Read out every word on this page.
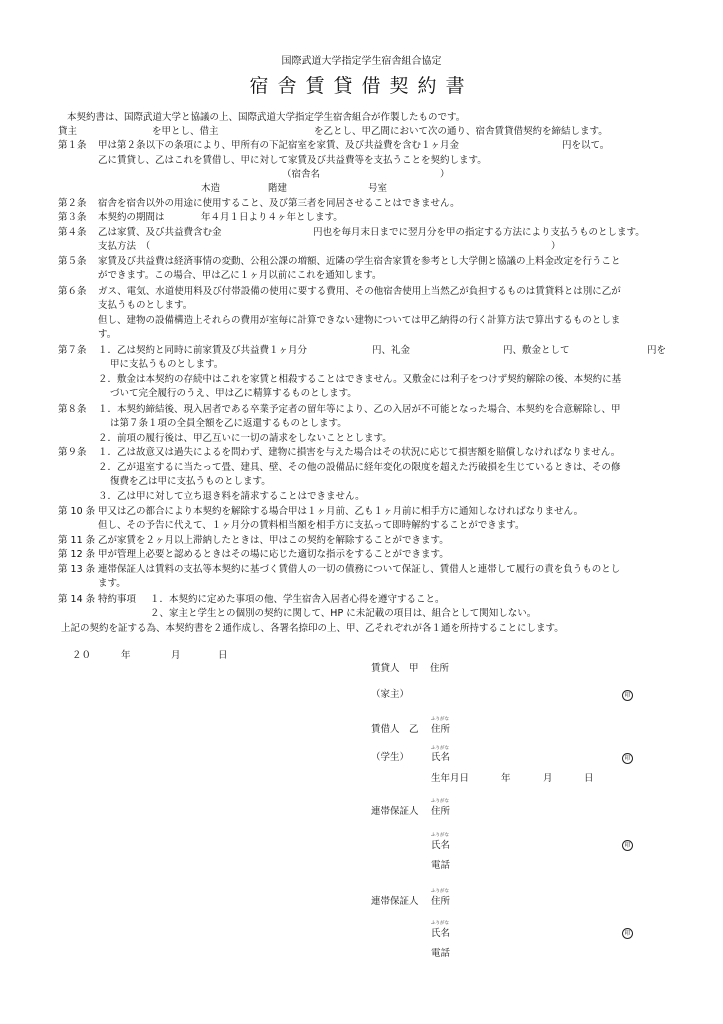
国際武道大学指定学生宿舎組合協定
宿舎賃貸借契約書
本契約書は、国際武道大学と協議の上、国際武道大学指定学生宿舎組合が作製したものです。
貸主	を甲とし、借主	を乙とし、甲乙間において次の通り、宿舎賃貸借契約を締結します。
第１条 甲は第２条以下の条項により、甲所有の下記宿室を家賃、及び共益費を含む１ヶ月金	円を以て。
乙に賃貸し、乙はこれを賃借し、甲に対して家賃及び共益費等を支払うことを契約します。
（宿舎名	）
木造	階建	号室
第２条 宿舎を宿舎以外の用途に使用すること、及び第三者を同居させることはできません。
第３条 本契約の期間は	年４月１日より４ヶ年とします。
第４条 乙は家賃、及び共益費含む金	円也を毎月末日までに翌月分を甲の指定する方法により支払うものとします。
支払方法　（	）
第５条 家賃及び共益費は経済事情の変動、公租公課の増額、近隣の学生宿舎家賃を参考とし大学側と協議の上料金改定を行うこと
ができます。この場合、甲は乙に１ヶ月以前にこれを通知します。
第６条 ガス、電気、水道使用料及び付帯設備の使用に要する費用、その他宿舎使用上当然乙が負担するものは賃貸料とは別に乙が
支払うものとします。
但し、建物の設備構造上それらの費用が室毎に計算できない建物については甲乙納得の行く計算方法で算出するものとしま
す。
第７条 １．乙は契約と同時に前家賃及び共益費１ヶ月分	円、礼金	円、敷金として	円を
甲に支払うものとします。
２．敷金は本契約の存続中はこれを家賃と相殺することはできません。又敷金には利子をつけず契約解除の後、本契約に基
づいて完全履行のうえ、甲は乙に精算するものとします。
第８条 １．本契約締結後、現入居者である卒業予定者の留年等により、乙の入居が不可能となった場合、本契約を合意解除し、甲
は第７条１項の全員全額を乙に返還するものとします。
２．前項の履行後は、甲乙互いに一切の請求をしないこととします。
第９条 １．乙は故意又は過失によるを問わず、建物に損害を与えた場合はその状況に応じて損害額を賠償しなければなりません。
２．乙が退室するに当たって畳、建具、壁、その他の設備品に経年変化の限度を超えた汚破損を生じているときは、その修
復費を乙は甲に支払うものとします。
３．乙は甲に対して立ち退き料を請求することはできません。
第 10 条 甲又は乙の都合により本契約を解除する場合甲は１ヶ月前、乙も１ヶ月前に相手方に通知しなければなりません。
但し、その予告に代えて、１ヶ月分の賃料相当額を相手方に支払って即時解約することができます。
第 11 条 乙が家賃を２ヶ月以上滞納したときは、甲はこの契約を解除することができます。
第 12 条 甲が管理上必要と認めるときはその場に応じた適切な指示をすることができます。
第 13 条 連帯保証人は賃料の支払等本契約に基づく賃借人の一切の債務について保証し、賃借人と連帯して履行の責を負うものとし
ます。
第 14 条 特約事項 １．本契約に定めた事項の他、学生宿舎入居者心得を遵守すること。
２、家主と学生との個別の契約に関して、HP に未記載の項目は、組合として関知しない。
上記の契約を証する為、本契約書を２通作成し、各署名捺印の上、甲、乙それぞれが各１通を所持することにします。
２０	年	月	日
賃貸人　甲 住所
（家主）	印
ふりがな
賃借人　乙 住所
ふりがな
（学生） 氏名	印
生年月日	年	月	日
ふりがな
連帯保証人 住所
ふりがな
氏名	印
電話
ふりがな
連帯保証人 住所
ふりがな
氏名	印
電話
